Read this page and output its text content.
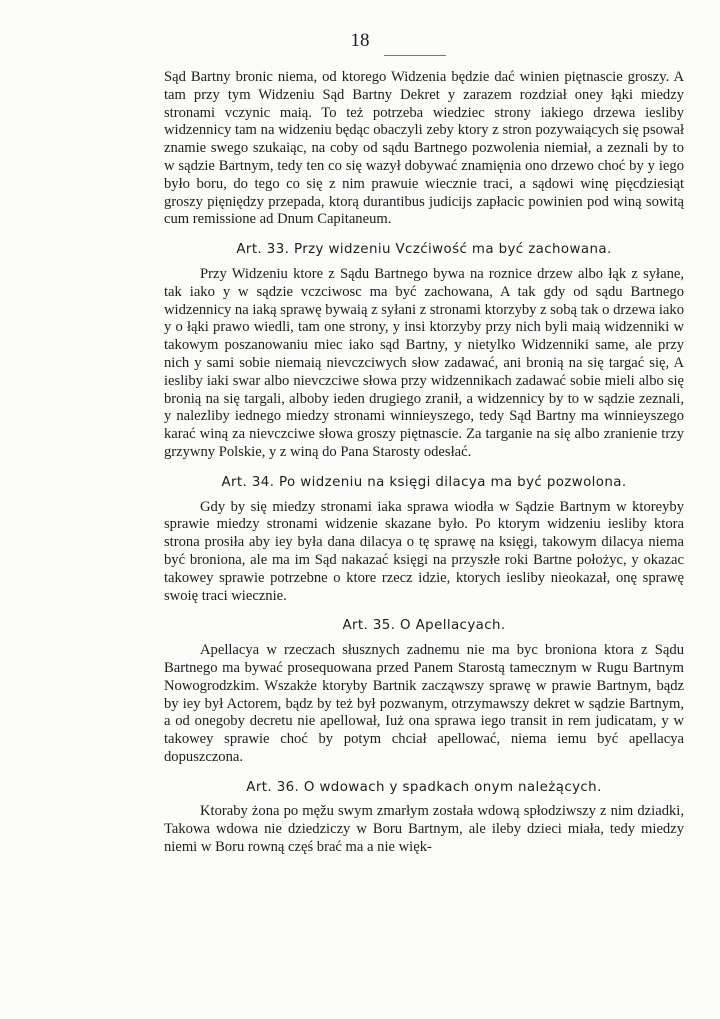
18

Sąd Bartny bronic niema, od ktorego Widzenia będzie dać winien piętnascie groszy. A tam przy tym Widzeniu Sąd Bartny Dekret y zarazem rozdział oney łąki miedzy stronami vczynic maią. To też potrzeba wiedziec strony iakiego drzewa iesliby widzennicy tam na widzeniu będąc obaczyli zeby ktory z stron pozywaiących się psował znamie swego szukaiąc, na coby od sądu Bartnego pozwolenia niemiał, a zeznali by to w sądzie Bartnym, tedy ten co się wazył dobywać znamięnia ono drzewo choć by y iego było boru, do tego co się z nim prawuie wiecznie traci, a sądowi winę pięcdziesiąt groszy pięniędzy przepada, ktorą durantibus judicijs zapłacic powinien pod winą sowitą cum remissione ad Dnum Capitaneum.

Art. 33. Przy widzeniu Vczćiwość ma być zachowana.

Przy Widzeniu ktore z Sądu Bartnego bywa na roznice drzew albo łąk z syłane, tak iako y w sądzie vczciwosc ma być zachowana, A tak gdy od sądu Bartnego widzennicy na iaką sprawę bywaią z syłani z stronami ktorzyby z sobą tak o drzewa iako y o łąki prawo wiedli, tam one strony, y insi ktorzyby przy nich byli maią widzenniki w takowym poszanowaniu miec iako sąd Bartny, y nietylko Widzenniki same, ale przy nich y sami sobie niemaią nievczciwych słow zadawać, ani bronią na się targać się, A iesliby iaki swar albo nievczciwe słowa przy widzennikach zadawać sobie mieli albo się bronią na się targali, alboby ieden drugiego zranił, a widzennicy by to w sądzie zeznali, y nalezliby iednego miedzy stronami winnieyszego, tedy Sąd Bartny ma winnieyszego karać winą za nievczciwe słowa groszy piętnascie. Za targanie na się albo zranienie trzy grzywny Polskie, y z winą do Pana Starosty odesłać.

Art. 34. Po widzeniu na księgi dilacya ma być pozwolona.

Gdy by się miedzy stronami iaka sprawa wiodła w Sądzie Bartnym w ktoreyby sprawie miedzy stronami widzenie skazane było. Po ktorym widzeniu iesliby ktora strona prosiła aby iey była dana dilacya o tę sprawę na księgi, takowym dilacya niema być broniona, ale ma im Sąd nakazać księgi na przyszłe roki Bartne położyc, y okazac takowey sprawie potrzebne o ktore rzecz idzie, ktorych iesliby nieokazał, onę sprawę swoię traci wiecznie.

Art. 35. O Apellacyach.

Apellacya w rzeczach słusznych zadnemu nie ma byc broniona ktora z Sądu Bartnego ma bywać prosequowana przed Panem Starostą tamecznym w Rugu Bartnym Nowogrodzkim. Wszakże ktoryby Bartnik zacząwszy sprawę w prawie Bartnym, bądz by iey był Actorem, bądz by też był pozwanym, otrzymawszy dekret w sądzie Bartnym, a od onegoby decretu nie apellował, Iuż ona sprawa iego transit in rem judicatam, y w takowey sprawie choć by potym chciał apellować, niema iemu być apellacya dopuszczona.

Art. 36. O wdowach y spadkach onym należących.

Ktoraby żona po męžu swym zmarłym została wdową spłodziwszy z nim dziadki, Takowa wdowa nie dziedziczy w Boru Bartnym, ale ileby dzieci miała, tedy miedzy niemi w Boru rowną częś brać ma a nie więk-
